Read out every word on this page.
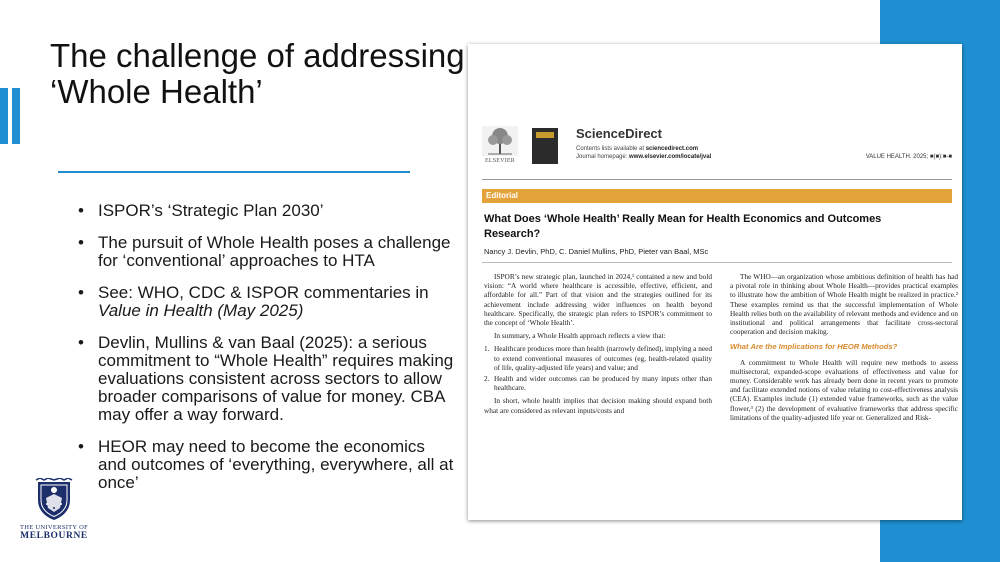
The challenge of addressing
‘Whole Health’
• ISPOR’s ‘Strategic Plan 2030’
• The pursuit of Whole Health poses a challenge for ‘conventional’ approaches to HTA
• See: WHO, CDC & ISPOR commentaries in Value in Health (May 2025)
• Devlin, Mullins & van Baal (2025): a serious commitment to “Whole Health” requires making evaluations consistent across sectors to allow broader comparisons of value for money. CBA may offer a way forward.
• HEOR may need to become the economics and outcomes of ‘everything, everywhere, all at once’
THE UNIVERSITY OF
MELBOURNE
ELSEVIER
ScienceDirect
Contents lists available at sciencedirect.com
Journal homepage: www.elsevier.com/locate/jval	VALUE HEALTH. 2025; ■(■):■-■
Editorial
What Does ‘Whole Health’ Really Mean for Health Economics and Outcomes Research?
Nancy J. Devlin, PhD, C. Daniel Mullins, PhD, Pieter van Baal, MSc

ISPOR’s new strategic plan, launched in 2024,¹ contained a new and bold vision: “A world where healthcare is accessible, effective, efficient, and affordable for all.” Part of that vision and the strategies outlined for its achievement include addressing wider influences on health beyond healthcare. Specifically, the strategic plan refers to ISPOR’s commitment to the concept of ‘Whole Health’.

In summary, a Whole Health approach reflects a view that:

1. Healthcare produces more than health (narrowly defined), implying a need to extend conventional measures of outcomes (eg, health-related quality of life, quality-adjusted life years) and value; and
2. Health and wider outcomes can be produced by many inputs other than healthcare.

In short, whole health implies that decision making should expand both what are considered as relevant inputs/costs and

The WHO—an organization whose ambitious definition of health has had a pivotal role in thinking about Whole Health—provides practical examples to illustrate how the ambition of Whole Health might be realized in practice.² These examples remind us that the successful implementation of Whole Health relies both on the availability of relevant methods and evidence and on institutional and political arrangements that facilitate cross-sectoral cooperation and decision making.

What Are the Implications for HEOR Methods?

A commitment to Whole Health will require new methods to assess multisectoral, expanded-scope evaluations of effectiveness and value for money. Considerable work has already been done in recent years to promote and facilitate extended notions of value relating to cost-effectiveness analysis (CEA). Examples include (1) extended value frameworks, such as the value flower,³ (2) the development of evaluative frameworks that address specific limitations of the quality-adjusted life year or. Generalized and Risk-
